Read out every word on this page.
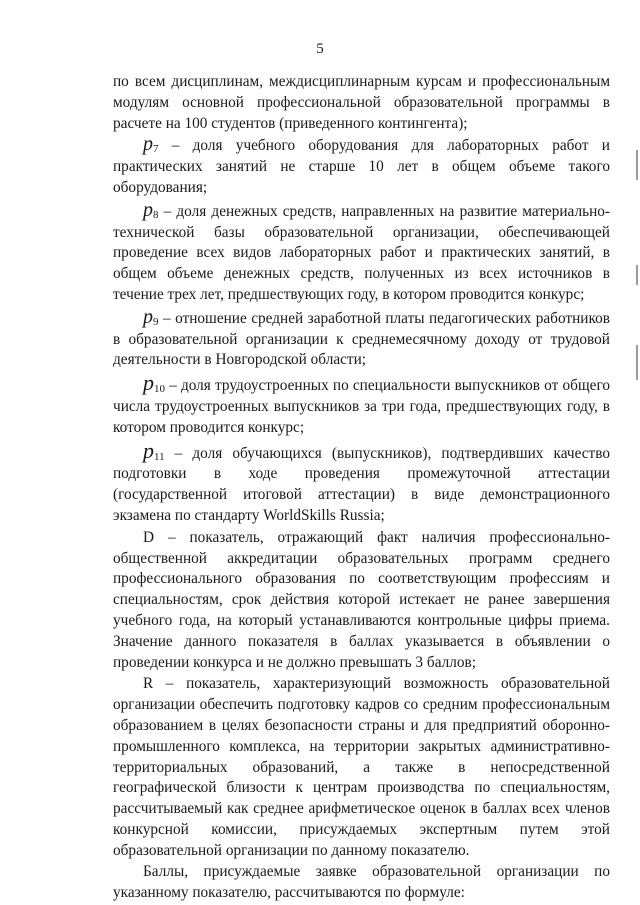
5

по всем дисциплинам, междисциплинарным курсам и профессиональным модулям основной профессиональной образовательной программы в расчете на 100 студентов (приведенного контингента);

$p_7$ – доля учебного оборудования для лабораторных работ и практических занятий не старше 10 лет в общем объеме такого оборудования;

$p_8$ – доля денежных средств, направленных на развитие материально-технической базы образовательной организации, обеспечивающей проведение всех видов лабораторных работ и практических занятий, в общем объеме денежных средств, полученных из всех источников в течение трех лет, предшествующих году, в котором проводится конкурс;

$p_9$ – отношение средней заработной платы педагогических работников в образовательной организации к среднемесячному доходу от трудовой деятельности в Новгородской области;

$p_{10}$ – доля трудоустроенных по специальности выпускников от общего числа трудоустроенных выпускников за три года, предшествующих году, в котором проводится конкурс;

$p_{11}$ – доля обучающихся (выпускников), подтвердивших качество подготовки в ходе проведения промежуточной аттестации (государственной итоговой аттестации) в виде демонстрационного экзамена по стандарту WorldSkills Russia;

D – показатель, отражающий факт наличия профессионально-общественной аккредитации образовательных программ среднего профессионального образования по соответствующим профессиям и специальностям, срок действия которой истекает не ранее завершения учебного года, на который устанавливаются контрольные цифры приема. Значение данного показателя в баллах указывается в объявлении о проведении конкурса и не должно превышать 3 баллов;

R – показатель, характеризующий возможность образовательной организации обеспечить подготовку кадров со средним профессиональным образованием в целях безопасности страны и для предприятий оборонно-промышленного комплекса, на территории закрытых административно-территориальных образований, а также в непосредственной географической близости к центрам производства по специальностям, рассчитываемый как среднее арифметическое оценок в баллах всех членов конкурсной комиссии, присуждаемых экспертным путем этой образовательной организации по данному показателю.

Баллы, присуждаемые заявке образовательной организации по указанному показателю, рассчитываются по формуле:
